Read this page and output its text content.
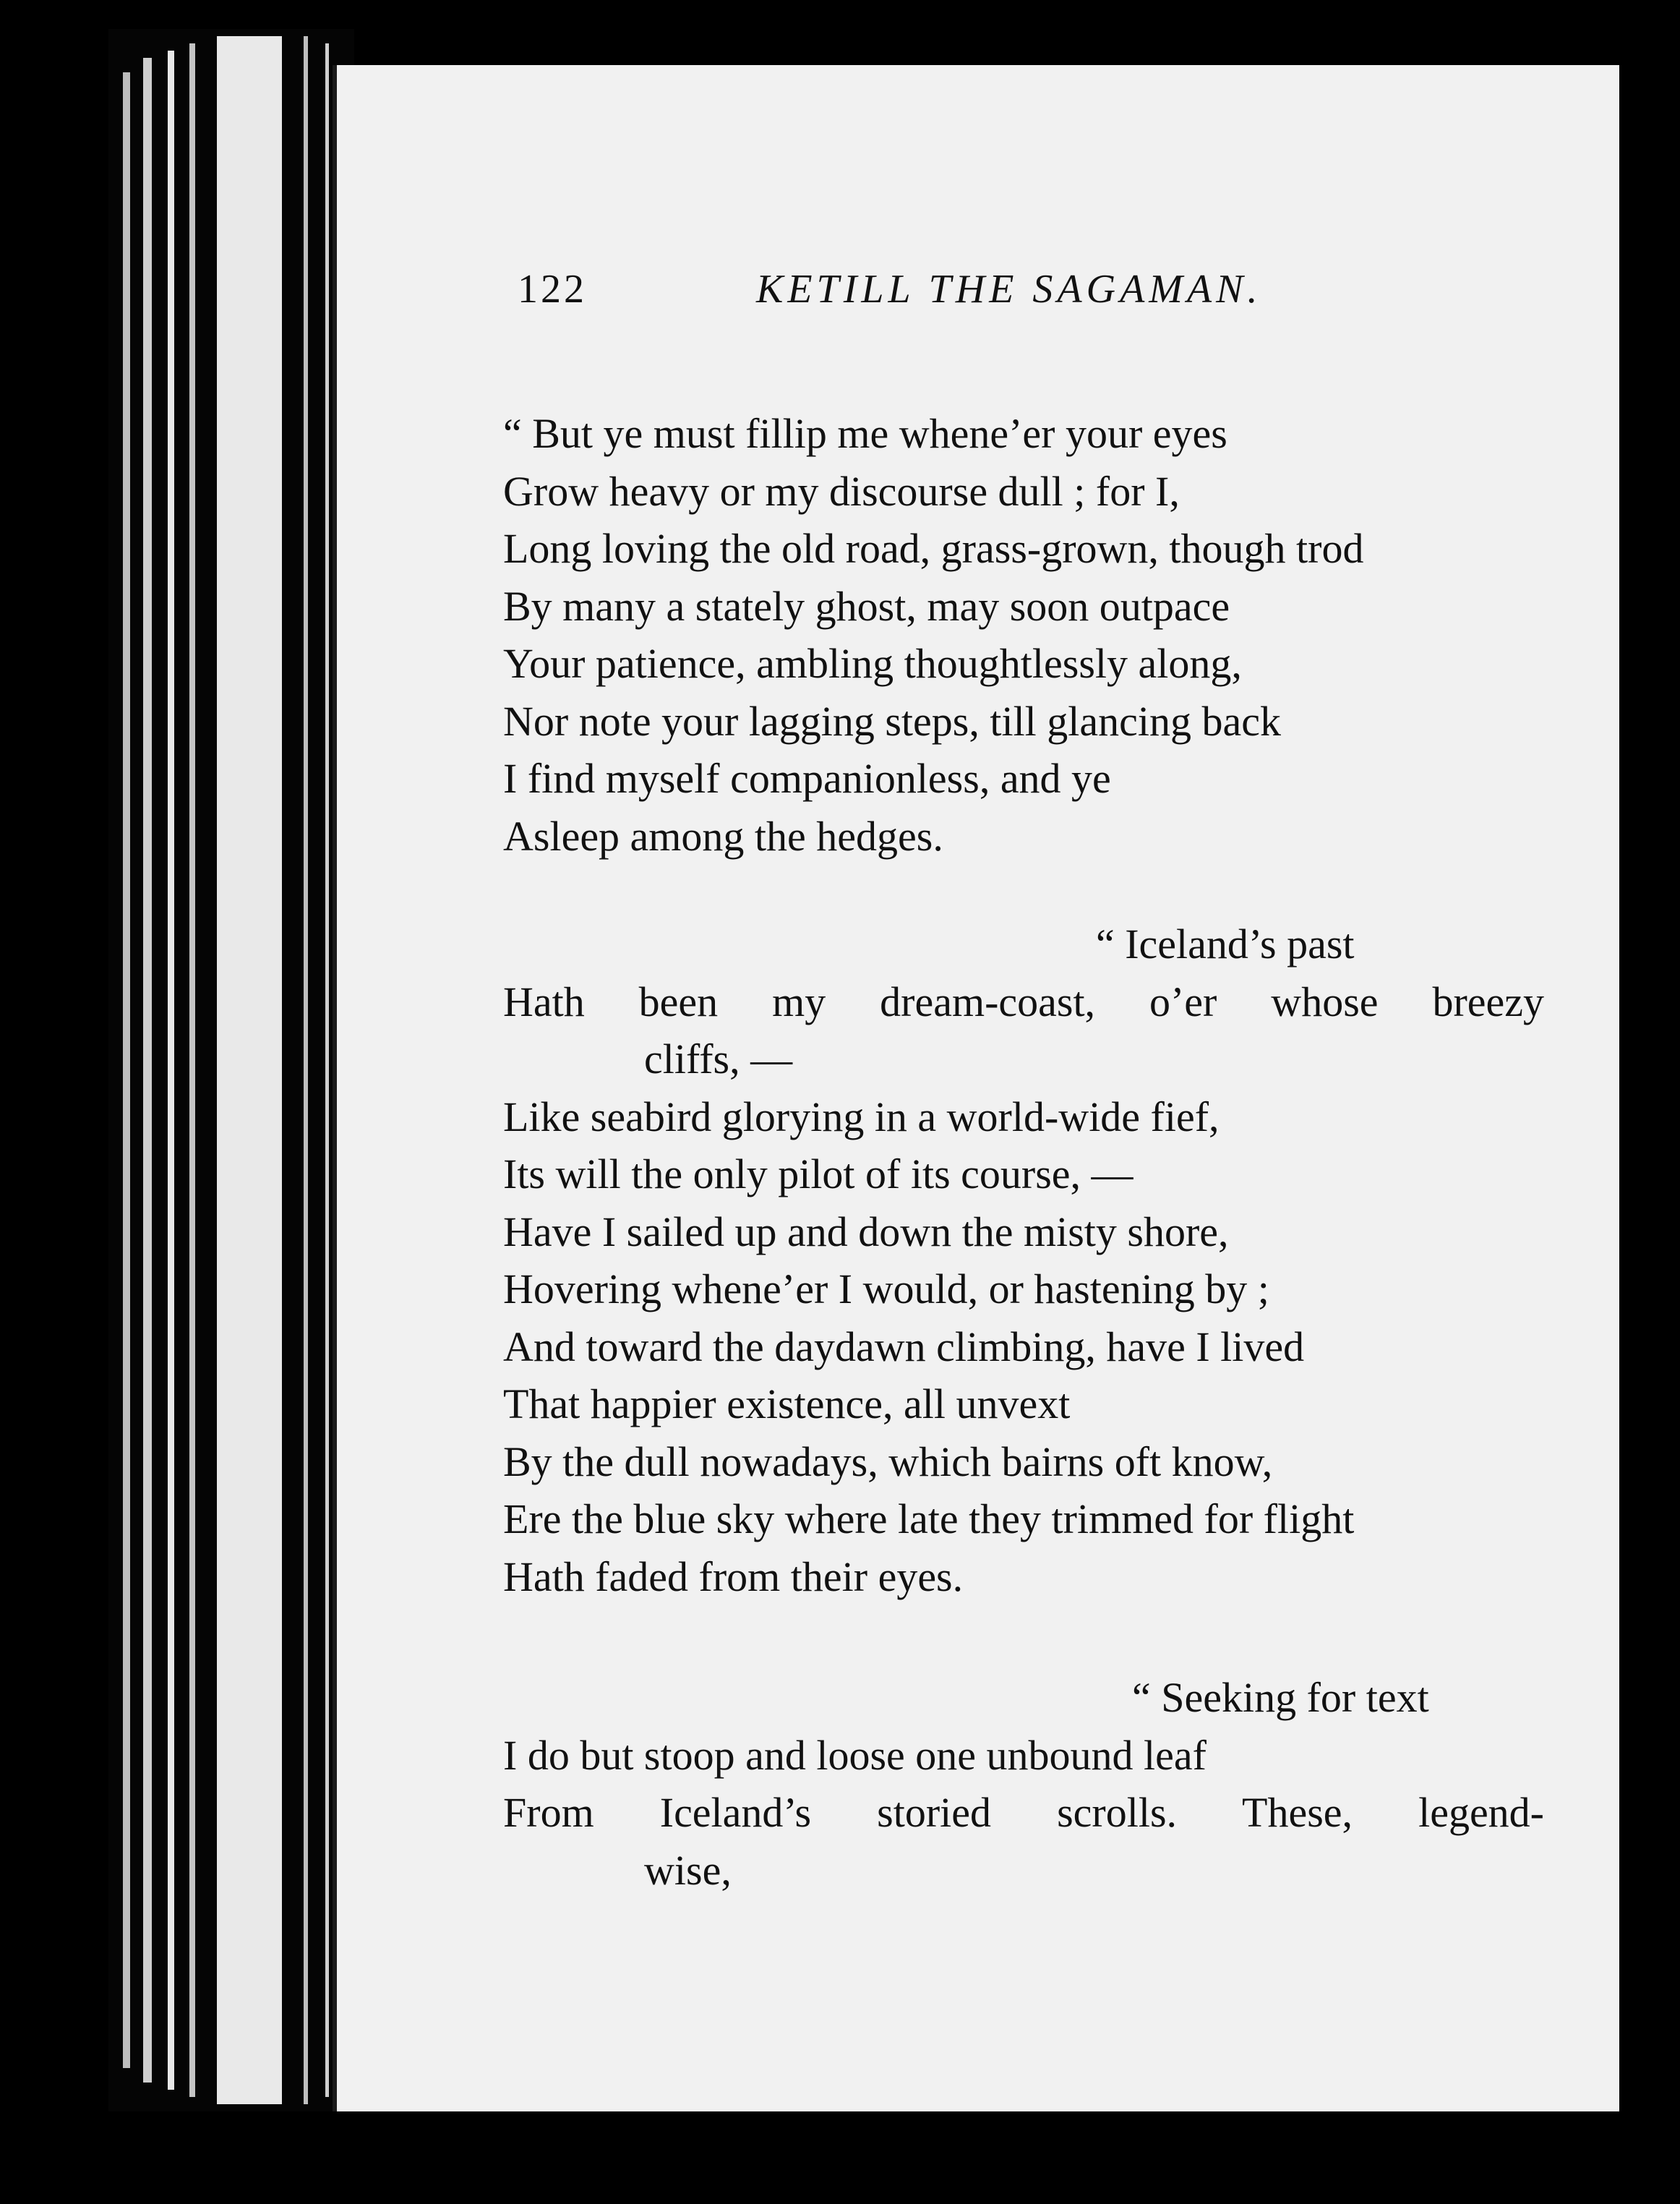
122	KETILL THE SAGAMAN.
“ But ye must fillip me whene’er your eyes
Grow heavy or my discourse dull ; for I,
Long loving the old road, grass-grown, though trod
By many a stately ghost, may soon outpace
Your patience, ambling thoughtlessly along,
Nor note your lagging steps, till glancing back
I find myself companionless, and ye
Asleep among the hedges.
“ Iceland’s past
Hath been my dream-coast, o’er whose breezy
cliffs, —
Like seabird glorying in a world-wide fief,
Its will the only pilot of its course, —
Have I sailed up and down the misty shore,
Hovering whene’er I would, or hastening by ;
And toward the daydawn climbing, have I lived
That happier existence, all unvext
By the dull nowadays, which bairns oft know,
Ere the blue sky where late they trimmed for flight
Hath faded from their eyes.
“ Seeking for text
I do but stoop and loose one unbound leaf
From Iceland’s storied scrolls. These, legend-
wise,
